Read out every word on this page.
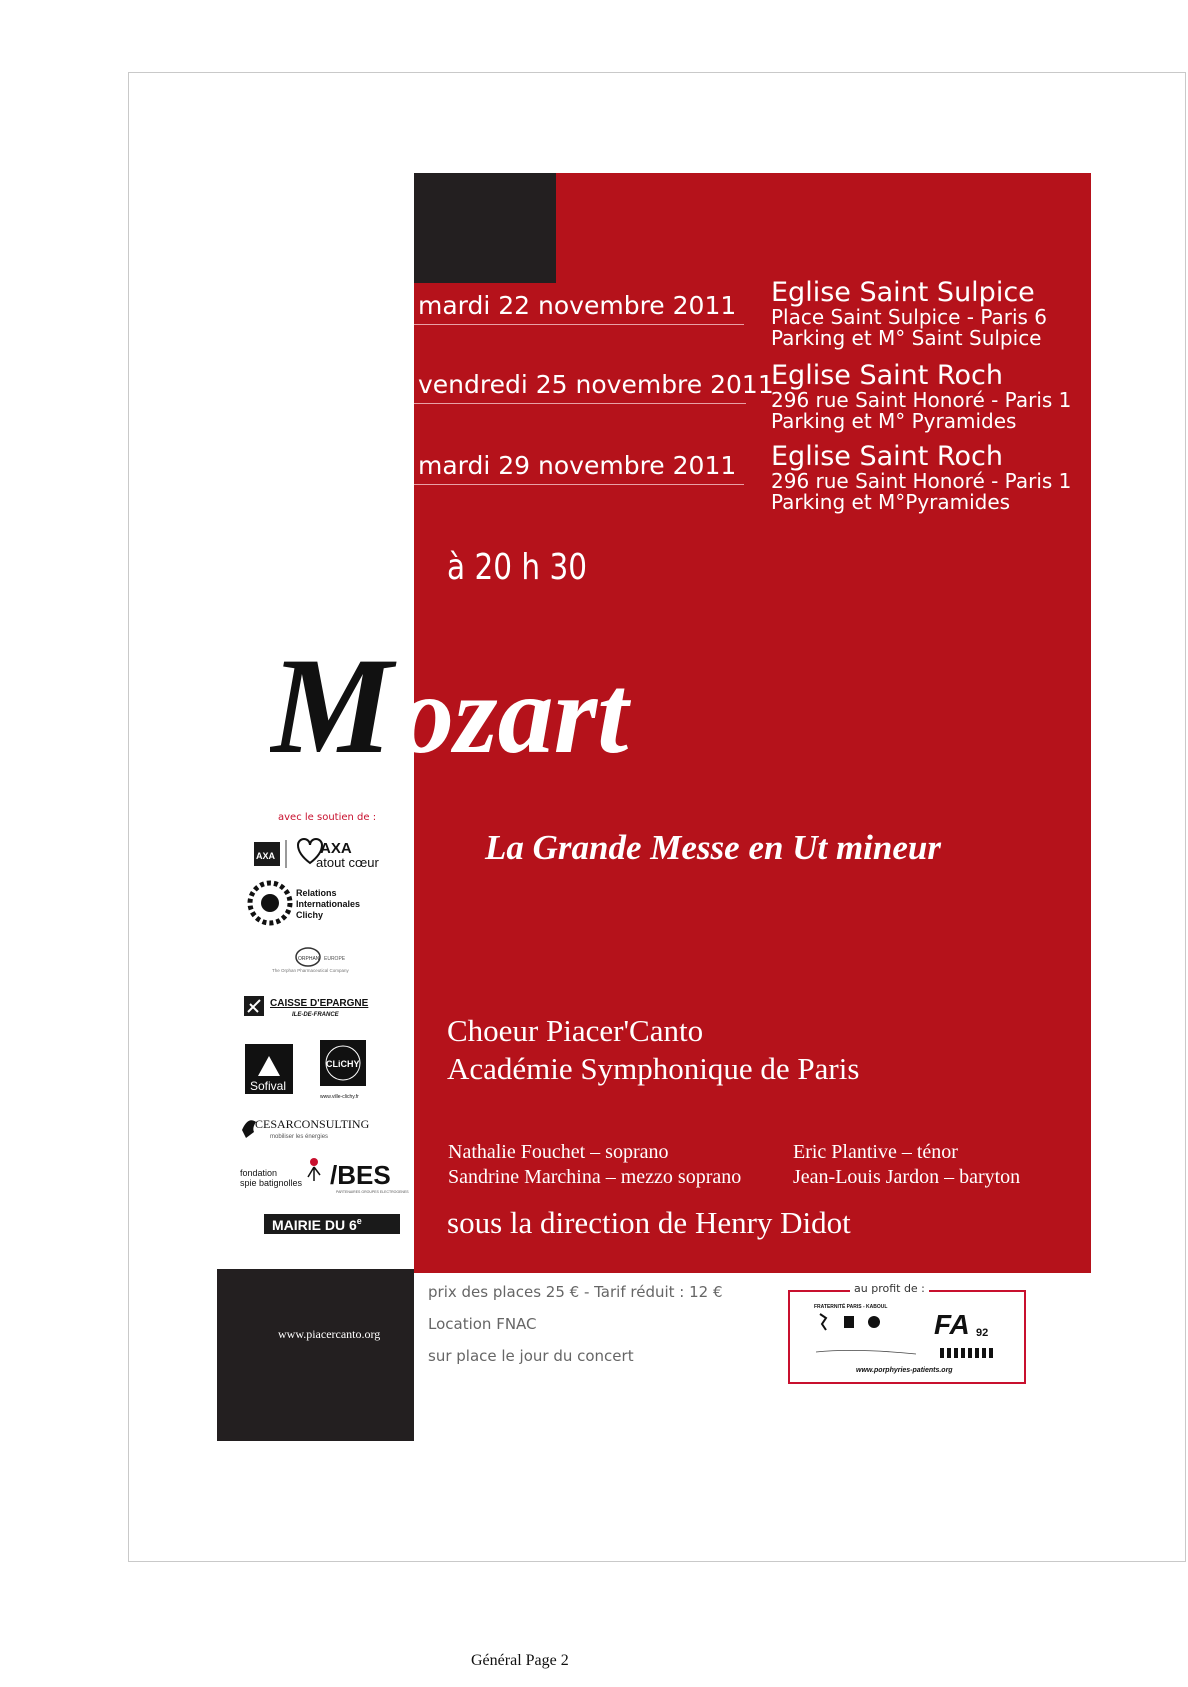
mardi 22 novembre 2011
vendredi 25 novembre 2011
mardi 29 novembre 2011
Eglise Saint Sulpice
Place Saint Sulpice - Paris 6
Parking et M° Saint Sulpice
Eglise Saint Roch
296 rue Saint Honoré - Paris 1
Parking et M° Pyramides
Eglise Saint Roch
296 rue Saint Honoré - Paris 1
Parking et M°Pyramides
à 20 h 30
M ozart
La Grande Messe en Ut mineur
Choeur Piacer'Canto
Académie Symphonique de Paris
Nathalie Fouchet – soprano
Sandrine Marchina – mezzo soprano
Eric Plantive – ténor
Jean-Louis Jardon – baryton
sous la direction de Henry Didot
avec le soutien de :
AXA	AXA
atout cœur
Relations
Internationales
Clichy
ORPHAN EUROPE
The Orphan Pharmaceutical Company
CAISSE D'EPARGNE
ILE-DE-FRANCE
Sofival
CLiCHY
www.ville-clichy.fr
CESARCONSULTING
mobiliser les énergies
fondation
spie batignolles /BES
PARTENAIRES GROUPES ELECTROGENES
MAIRIE DU 6e
www.piacercanto.org
prix des places 25 € - Tarif réduit : 12 €
Location FNAC
sur place le jour du concert
FRATERNITÉ PARIS - KABOUL
FA 92
www.porphyries-patients.org
au profit de :
Général Page 2
